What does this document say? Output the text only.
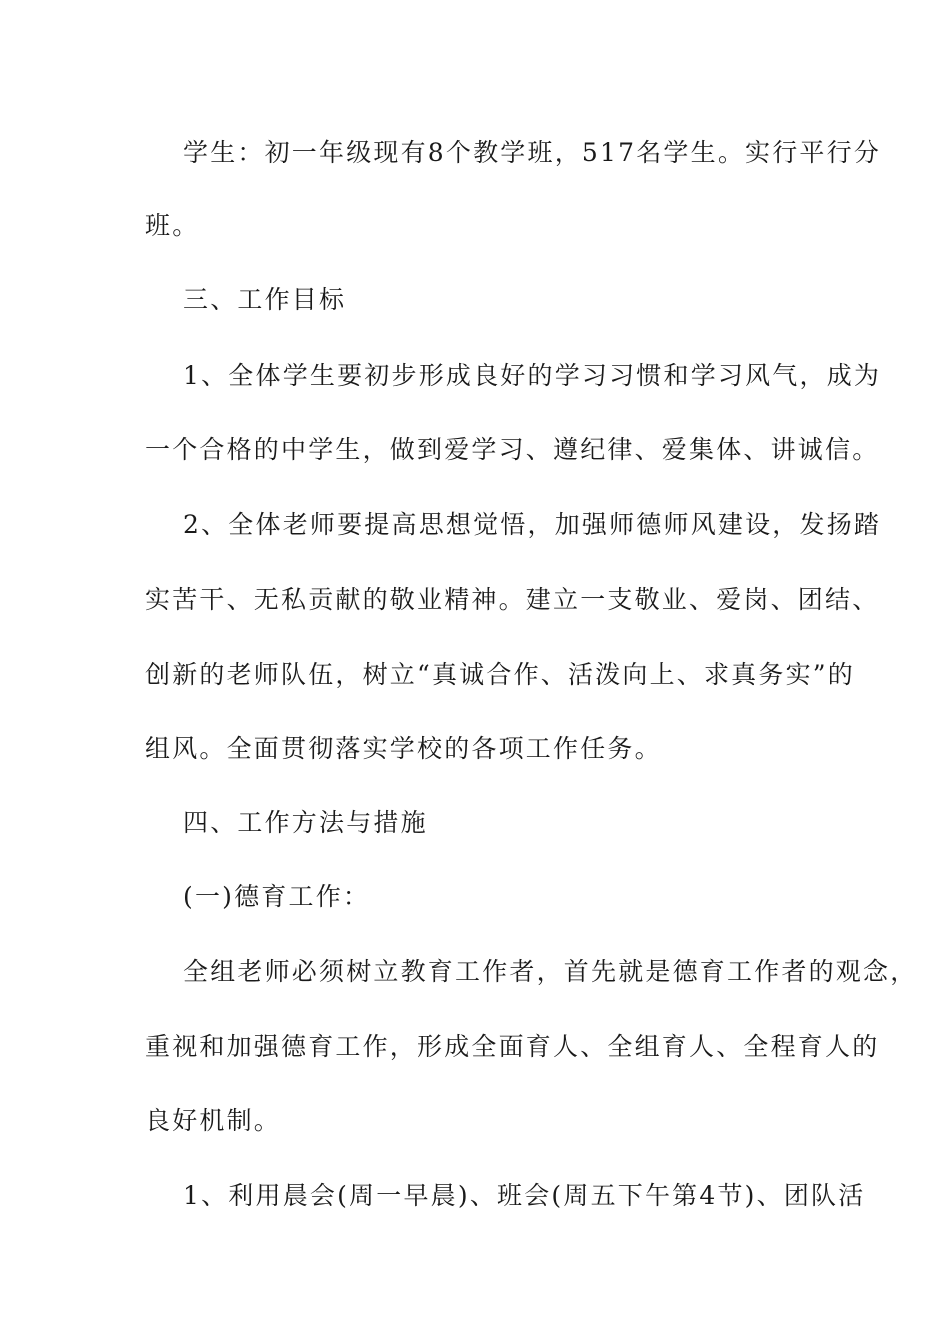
学生：初一年级现有8个教学班，517名学生。实行平行分
班。
三、工作目标
1、全体学生要初步形成良好的学习习惯和学习风气，成为
一个合格的中学生，做到爱学习、遵纪律、爱集体、讲诚信。
2、全体老师要提高思想觉悟，加强师德师风建设，发扬踏
实苦干、无私贡献的敬业精神。建立一支敬业、爱岗、团结、
创新的老师队伍，树立“真诚合作、活泼向上、求真务实”的
组风。全面贯彻落实学校的各项工作任务。
四、工作方法与措施
(一)德育工作：
全组老师必须树立教育工作者，首先就是德育工作者的观念，
重视和加强德育工作，形成全面育人、全组育人、全程育人的
良好机制。
1、利用晨会(周一早晨)、班会(周五下午第4节)、团队活
